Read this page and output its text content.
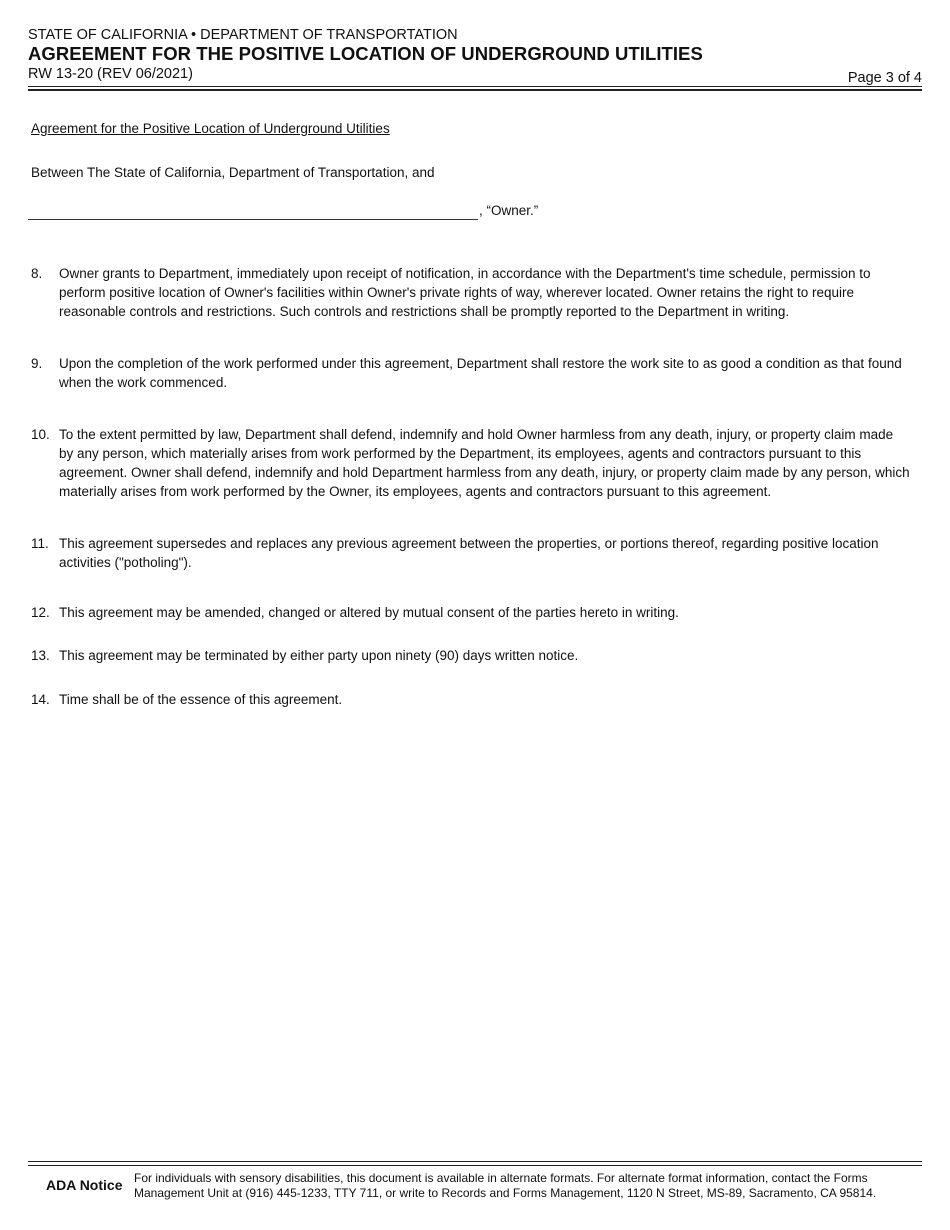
STATE OF CALIFORNIA • DEPARTMENT OF TRANSPORTATION
AGREEMENT FOR THE POSITIVE LOCATION OF UNDERGROUND UTILITIES
RW 13-20 (REV 06/2021)	Page 3 of 4
Agreement for the Positive Location of Underground Utilities
Between The State of California, Department of Transportation, and
, “Owner.”
8. Owner grants to Department, immediately upon receipt of notification, in accordance with the Department's time schedule, permission to perform positive location of Owner's facilities within Owner's private rights of way, wherever located. Owner retains the right to require reasonable controls and restrictions. Such controls and restrictions shall be promptly reported to the Department in writing.
9. Upon the completion of the work performed under this agreement, Department shall restore the work site to as good a condition as that found when the work commenced.
10. To the extent permitted by law, Department shall defend, indemnify and hold Owner harmless from any death, injury, or property claim made by any person, which materially arises from work performed by the Department, its employees, agents and contractors pursuant to this agreement. Owner shall defend, indemnify and hold Department harmless from any death, injury, or property claim made by any person, which materially arises from work performed by the Owner, its employees, agents and contractors pursuant to this agreement.
11. This agreement supersedes and replaces any previous agreement between the properties, or portions thereof, regarding positive location activities ("potholing").
12. This agreement may be amended, changed or altered by mutual consent of the parties hereto in writing.
13. This agreement may be terminated by either party upon ninety (90) days written notice.
14. Time shall be of the essence of this agreement.
ADA Notice For individuals with sensory disabilities, this document is available in alternate formats. For alternate format information, contact the Forms Management Unit at (916) 445-1233, TTY 711, or write to Records and Forms Management, 1120 N Street, MS-89, Sacramento, CA 95814.
